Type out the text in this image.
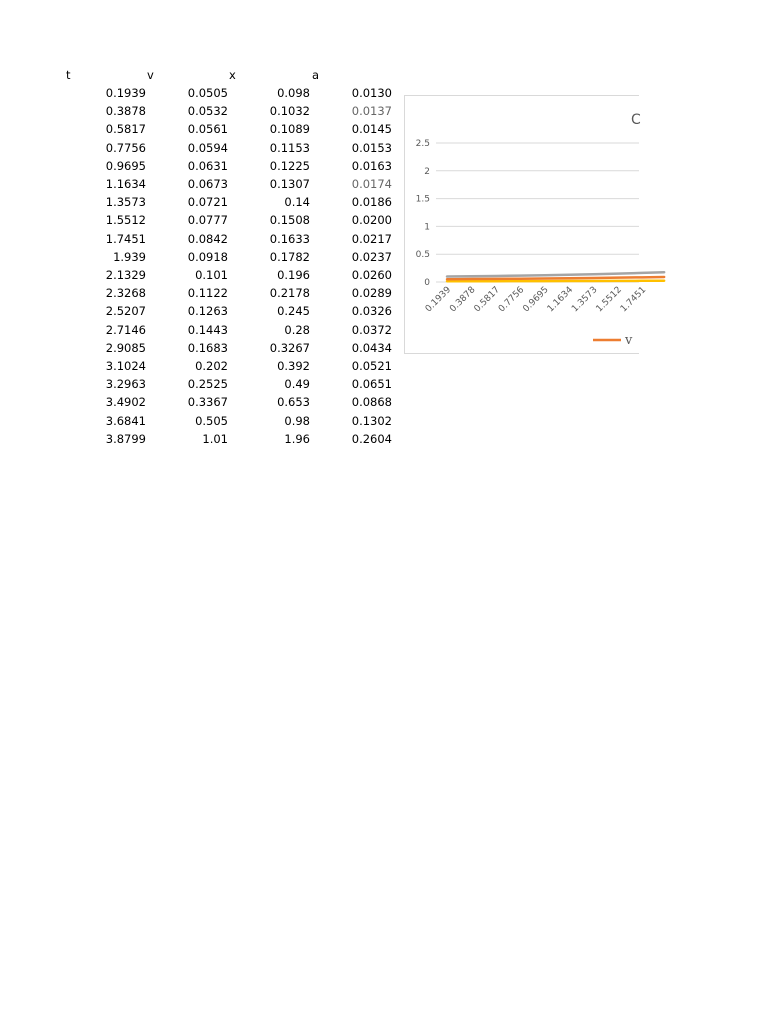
t	v	x	a
0.1939	0.0505	0.098	0.0130
0.3878	0.0532	0.1032	0.0137
0.5817	0.0561	0.1089	0.0145
0.7756	0.0594	0.1153	0.0153
0.9695	0.0631	0.1225	0.0163
1.1634	0.0673	0.1307	0.0174
1.3573	0.0721	0.14	0.0186
1.5512	0.0777	0.1508	0.0200
1.7451	0.0842	0.1633	0.0217
1.939	0.0918	0.1782	0.0237
2.1329	0.101	0.196	0.0260
2.3268	0.1122	0.2178	0.0289
2.5207	0.1263	0.245	0.0326
2.7146	0.1443	0.28	0.0372
2.9085	0.1683	0.3267	0.0434
3.1024	0.202	0.392	0.0521
3.2963	0.2525	0.49	0.0651
3.4902	0.3367	0.653	0.0868
3.6841	0.505	0.98	0.1302
3.8799	1.01	1.96	0.2604
C
0
0.5
1
1.5
2
2.5
0.1939
0.3878
0.5817
0.7756
0.9695
1.1634
1.3573
1.5512
1.7451
v
